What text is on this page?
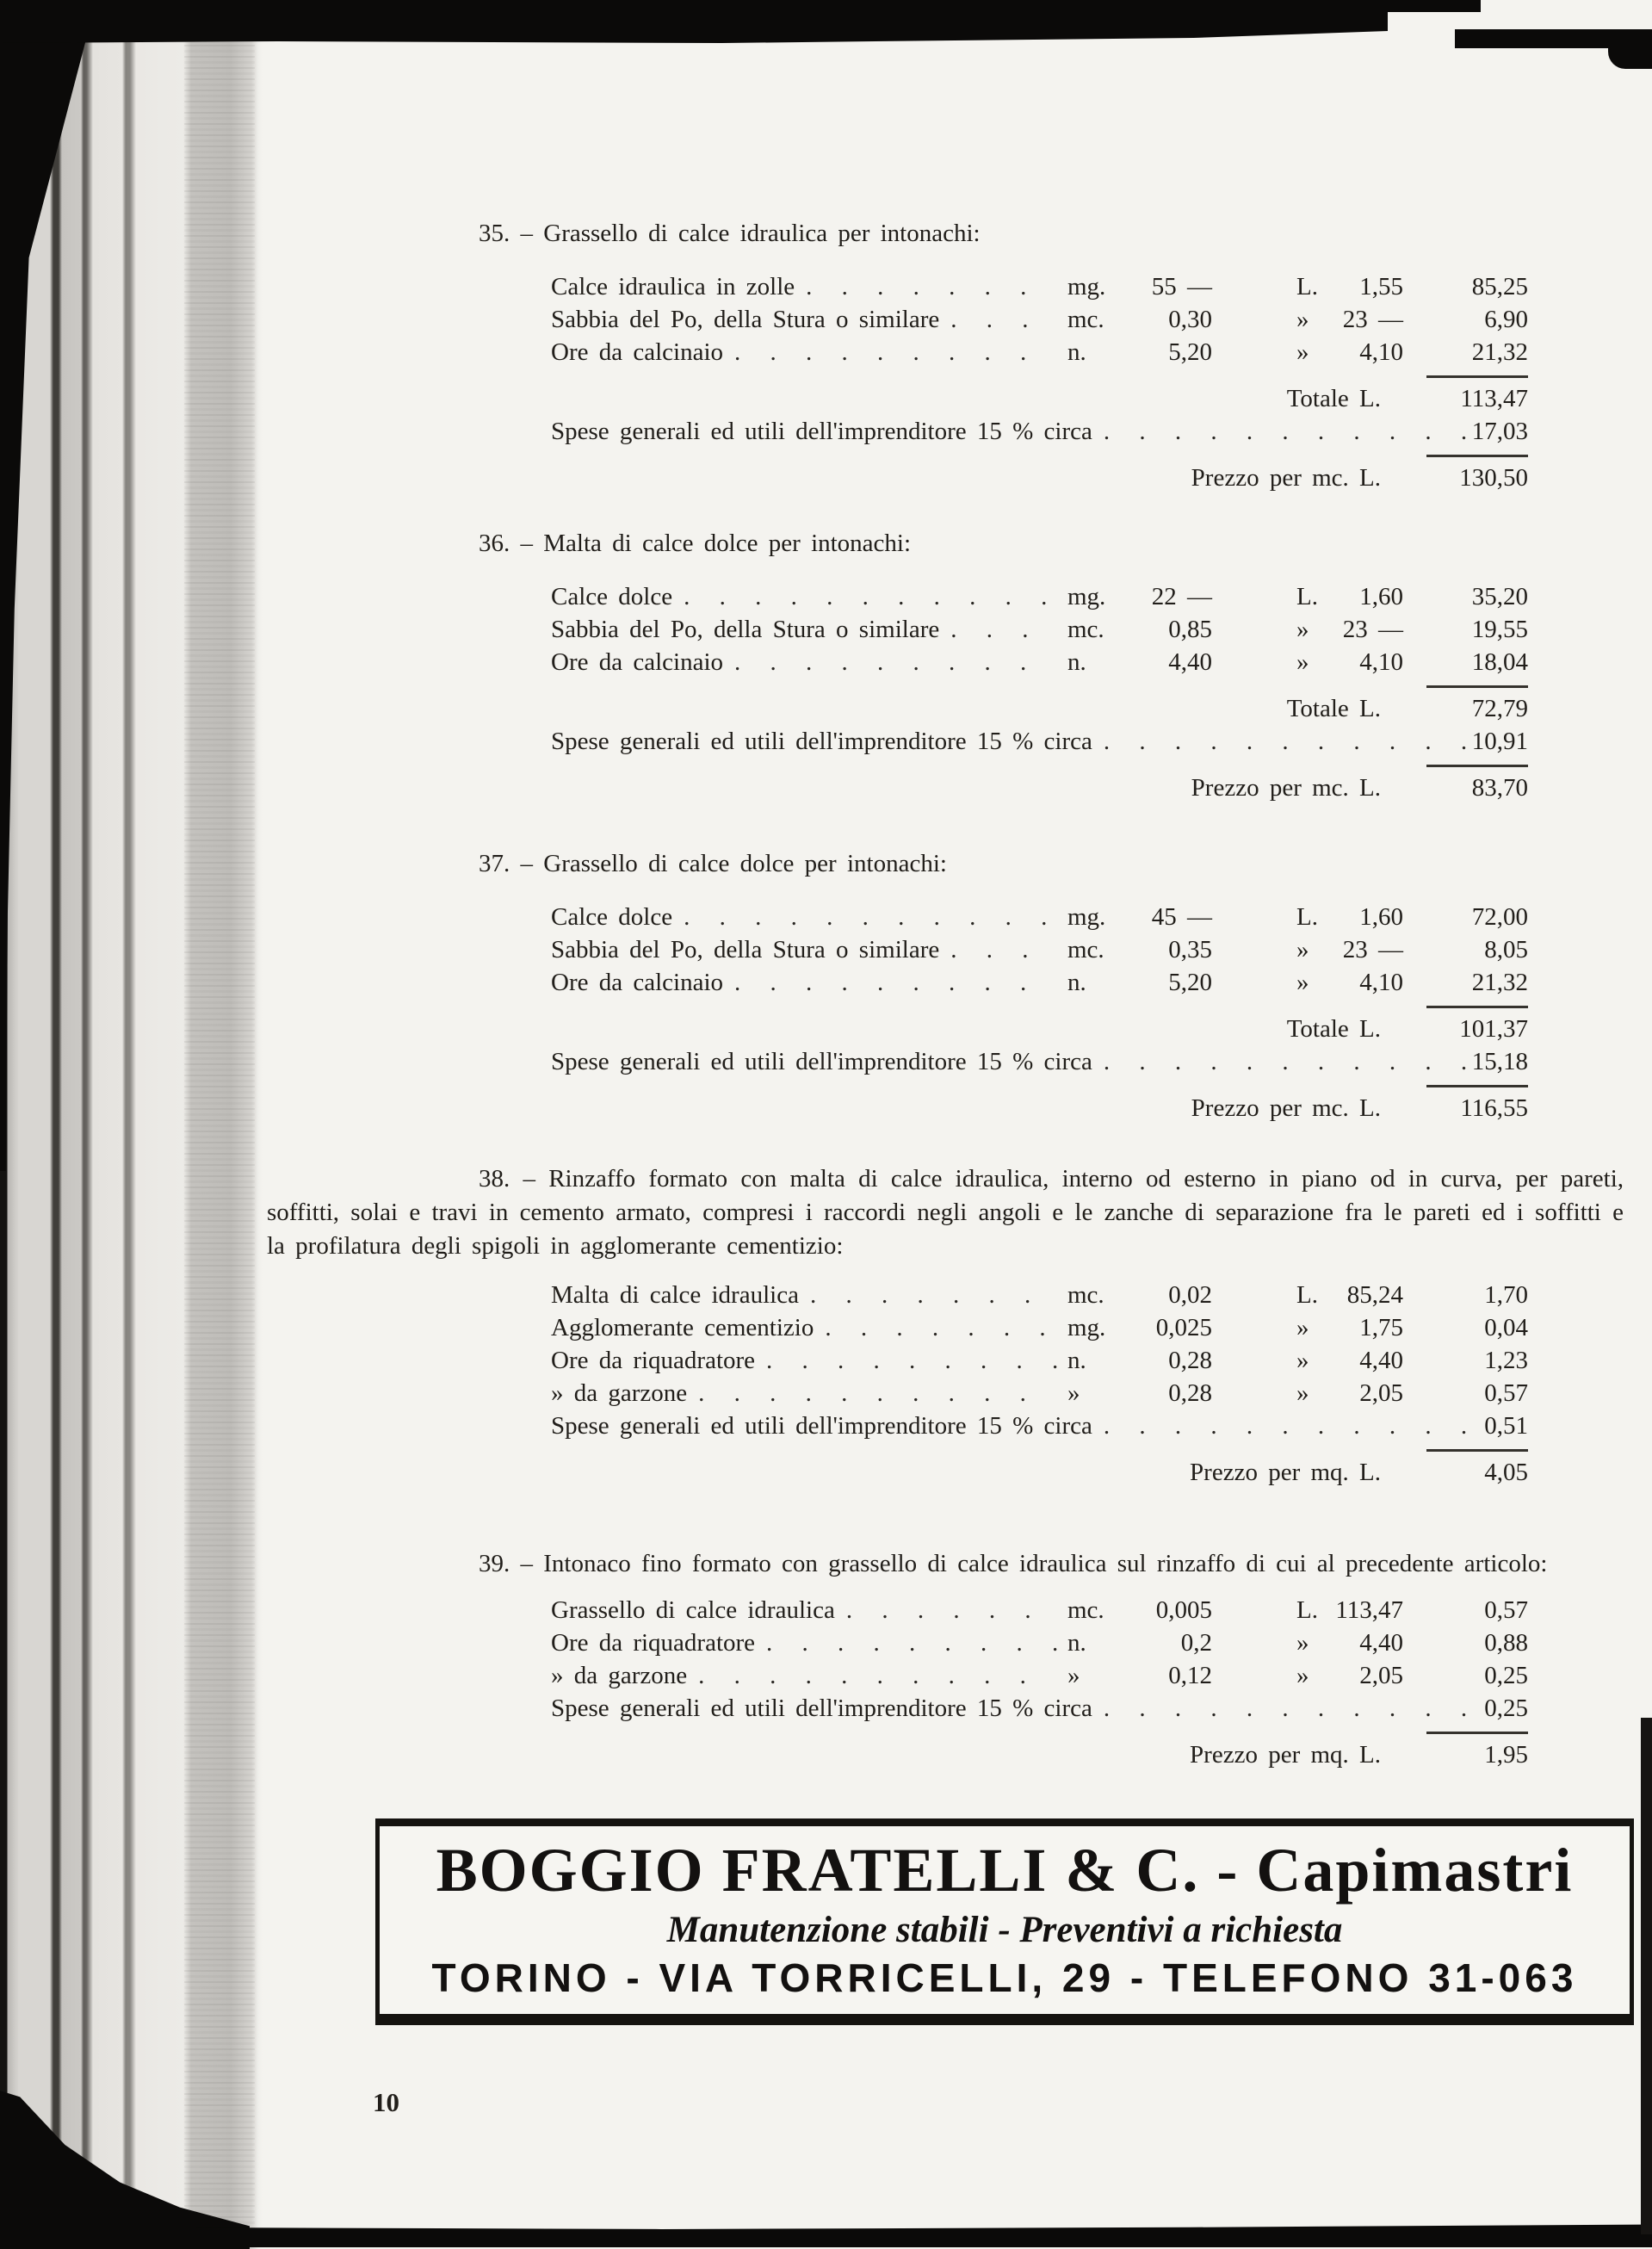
35. – Grassello di calce idraulica per intonachi:
Calce idraulica in zolle . . .	mg.	55 —	L.	1,55	85,25
Sabbia del Po, della Stura o similare . . .	mc.	0,30	»	23 —	6,90
Ore da calcinaio . . .	n.	5,20	»	4,10	21,32
Totale L.	113,47
Spese generali ed utili dell'imprenditore 15 % circa . . .	17,03
Prezzo per mc. L.	130,50
36. – Malta di calce dolce per intonachi:
Calce dolce . . .	mg.	22 —	L.	1,60	35,20
Sabbia del Po, della Stura o similare . . .	mc.	0,85	»	23 —	19,55
Ore da calcinaio . . .	n.	4,40	»	4,10	18,04
Totale L.	72,79
Spese generali ed utili dell'imprenditore 15 % circa . . .	10,91
Prezzo per mc. L.	83,70
37. – Grassello di calce dolce per intonachi:
Calce dolce . . .	mg.	45 —	L.	1,60	72,00
Sabbia del Po, della Stura o similare . . .	mc.	0,35	»	23 —	8,05
Ore da calcinaio . . .	n.	5,20	»	4,10	21,32
Totale L.	101,37
Spese generali ed utili dell'imprenditore 15 % circa . . .	15,18
Prezzo per mc. L.	116,55

38. – Rinzaffo formato con malta di calce idraulica, interno od esterno in piano od in curva, per pareti, soffitti, solai e travi in cemento armato, compresi i raccordi negli angoli e le zanche di separazione fra le pareti ed i soffitti e la profilatura degli spigoli in agglomerante cementizio:

Malta di calce idraulica . . .	mc.	0,02	L.	85,24	1,70
Agglomerante cementizio . . .	mg.	0,025	»	1,75	0,04
Ore da riquadratore . . .	n.	0,28	»	4,40	1,23
» da garzone . . .	»	0,28	»	2,05	0,57
Spese generali ed utili dell'imprenditore 15 % circa . . .	0,51
Prezzo per mq. L.	4,05
39. – Intonaco fino formato con grassello di calce idraulica sul rinzaffo di cui al precedente articolo:
Grassello di calce idraulica . . .	mc.	0,005	L. 113,47	0,57
Ore da riquadratore . . .	n.	0,2	»	4,40	0,88
» da garzone . . .	»	0,12	»	2,05	0,25
Spese generali ed utili dell'imprenditore 15 % circa . . .	0,25
Prezzo per mq. L.	1,95
BOGGIO FRATELLI & C. - Capimastri
Manutenzione stabili - Preventivi a richiesta
TORINO - VIA TORRICELLI, 29 - TELEFONO 31-063
10
